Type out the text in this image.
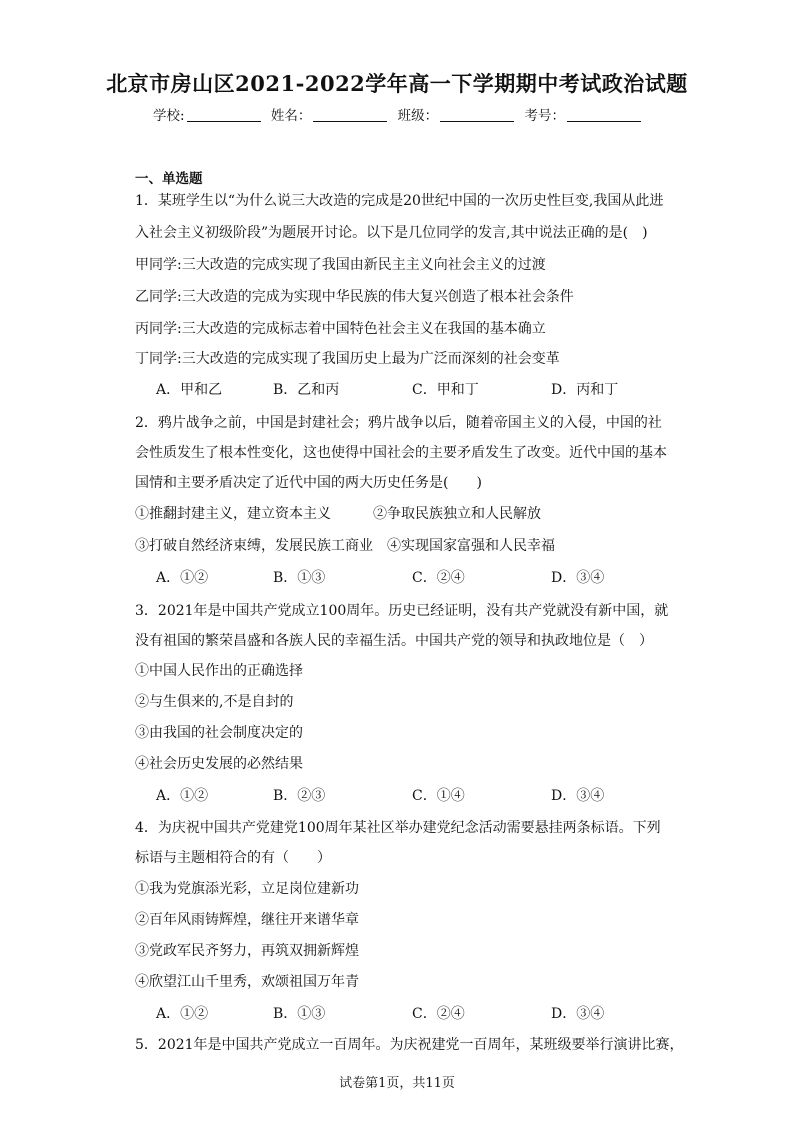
北京市房山区2021-2022学年高一下学期期中考试政治试题
学校:	姓名：	班级：	考号：
一、单选题
1．某班学生以“为什么说三大改造的完成是20世纪中国的一次历史性巨变,我国从此进
入社会主义初级阶段”为题展开讨论。以下是几位同学的发言,其中说法正确的是(　)
甲同学:三大改造的完成实现了我国由新民主主义向社会主义的过渡
乙同学:三大改造的完成为实现中华民族的伟大复兴创造了根本社会条件
丙同学:三大改造的完成标志着中国特色社会主义在我国的基本确立
丁同学:三大改造的完成实现了我国历史上最为广泛而深刻的社会变革
A．甲和乙	B．乙和丙	C．甲和丁	D．丙和丁
2．鸦片战争之前，中国是封建社会；鸦片战争以后，随着帝国主义的入侵，中国的社
会性质发生了根本性变化，这也使得中国社会的主要矛盾发生了改变。近代中国的基本
国情和主要矛盾决定了近代中国的两大历史任务是(　　)
①推翻封建主义，建立资本主义　　　②争取民族独立和人民解放
③打破自然经济束缚，发展民族工商业　④实现国家富强和人民幸福
A．①②	B．①③	C．②④	D．③④
3．2021年是中国共产党成立100周年。历史已经证明，没有共产党就没有新中国，就
没有祖国的繁荣昌盛和各族人民的幸福生活。中国共产党的领导和执政地位是（　）
①中国人民作出的正确选择
②与生俱来的,不是自封的
③由我国的社会制度决定的
④社会历史发展的必然结果
A．①②	B．②③	C．①④	D．③④
4．为庆祝中国共产党建党100周年某社区举办建党纪念活动需要悬挂两条标语。下列
标语与主题相符合的有（　　）
①我为党旗添光彩，立足岗位建新功
②百年风雨铸辉煌，继往开来谱华章
③党政军民齐努力，再筑双拥新辉煌
④欣望江山千里秀，欢颂祖国万年青
A．①②	B．①③	C．②④	D．③④
5．2021年是中国共产党成立一百周年。为庆祝建党一百周年，某班级要举行演讲比赛，
试卷第1页，共11页
